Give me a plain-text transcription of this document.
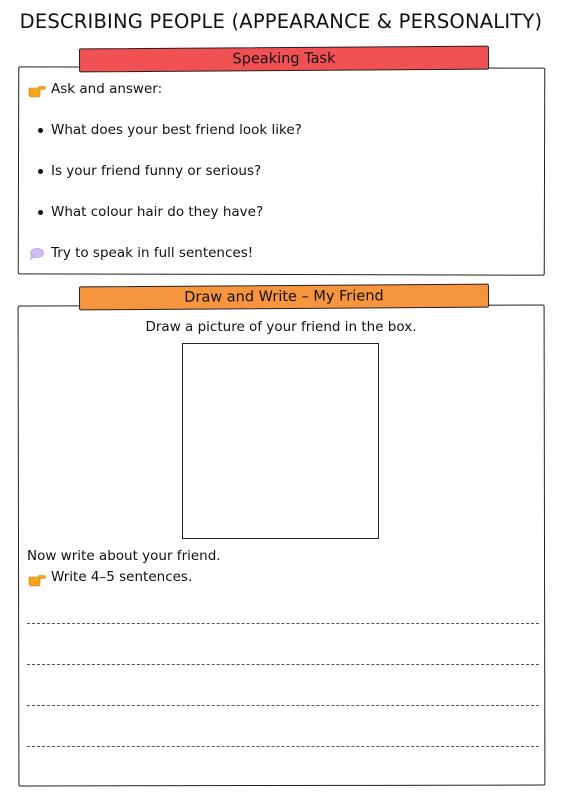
DESCRIBING PEOPLE (APPEARANCE & PERSONALITY)
Speaking Task
Ask and answer:
What does your best friend look like?
Is your friend funny or serious?
What colour hair do they have?
Try to speak in full sentences!
Draw and Write – My Friend
Draw a picture of your friend in the box.
Now write about your friend.
Write 4–5 sentences.
